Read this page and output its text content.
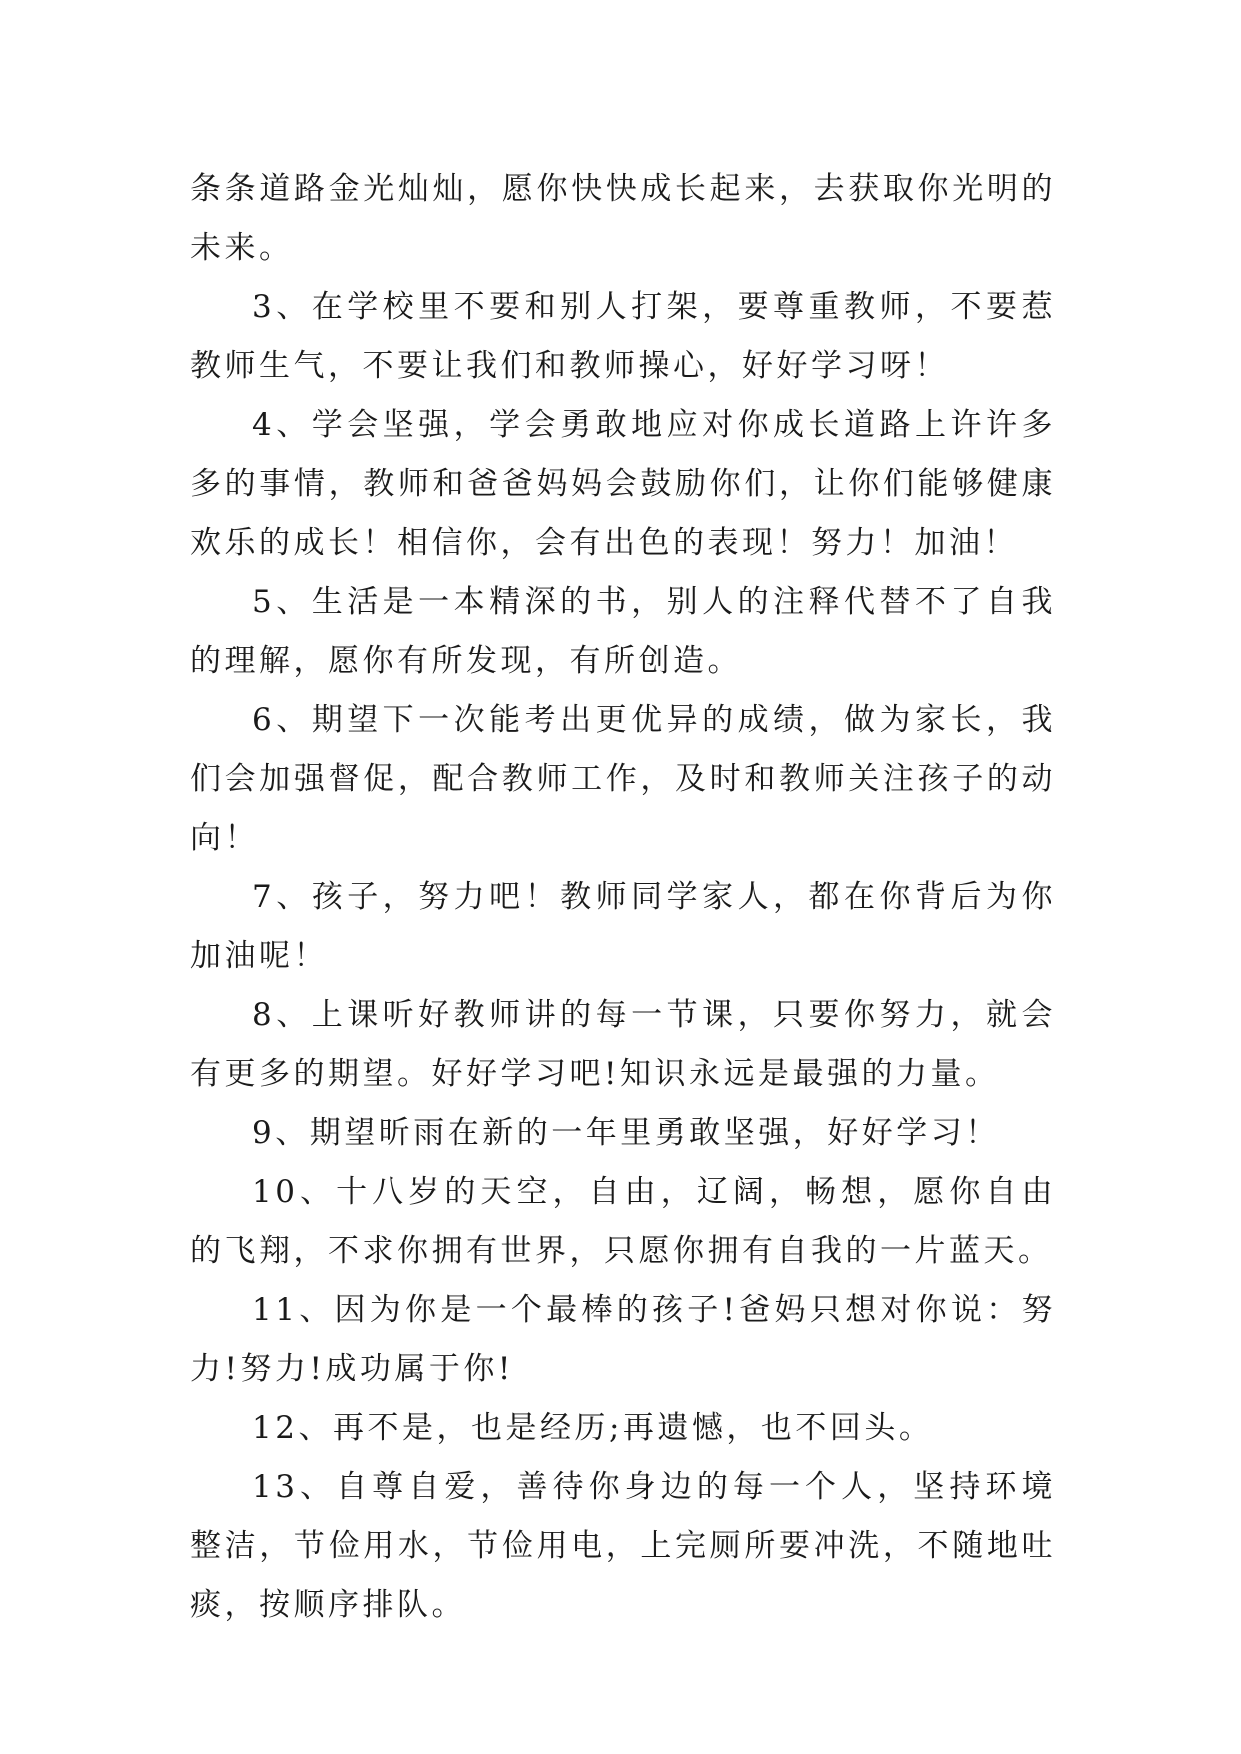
条条道路金光灿灿，愿你快快成长起来，去获取你光明的未来。

3、在学校里不要和别人打架，要尊重教师，不要惹教师生气，不要让我们和教师操心，好好学习呀！

4、学会坚强，学会勇敢地应对你成长道路上许许多多的事情，教师和爸爸妈妈会鼓励你们，让你们能够健康欢乐的成长！相信你，会有出色的表现！努力！加油！

5、生活是一本精深的书，别人的注释代替不了自我的理解，愿你有所发现，有所创造。

6、期望下一次能考出更优异的成绩，做为家长，我们会加强督促，配合教师工作，及时和教师关注孩子的动向！

7、孩子，努力吧！教师同学家人，都在你背后为你加油呢！

8、上课听好教师讲的每一节课，只要你努力，就会有更多的期望。好好学习吧!知识永远是最强的力量。

9、期望昕雨在新的一年里勇敢坚强，好好学习！

10、十八岁的天空，自由，辽阔，畅想，愿你自由的飞翔，不求你拥有世界，只愿你拥有自我的一片蓝天。

11、因为你是一个最棒的孩子!爸妈只想对你说：努力!努力!成功属于你!

12、再不是，也是经历;再遗憾，也不回头。

13、自尊自爱，善待你身边的每一个人，坚持环境整洁，节俭用水，节俭用电，上完厕所要冲洗，不随地吐痰，按顺序排队。
